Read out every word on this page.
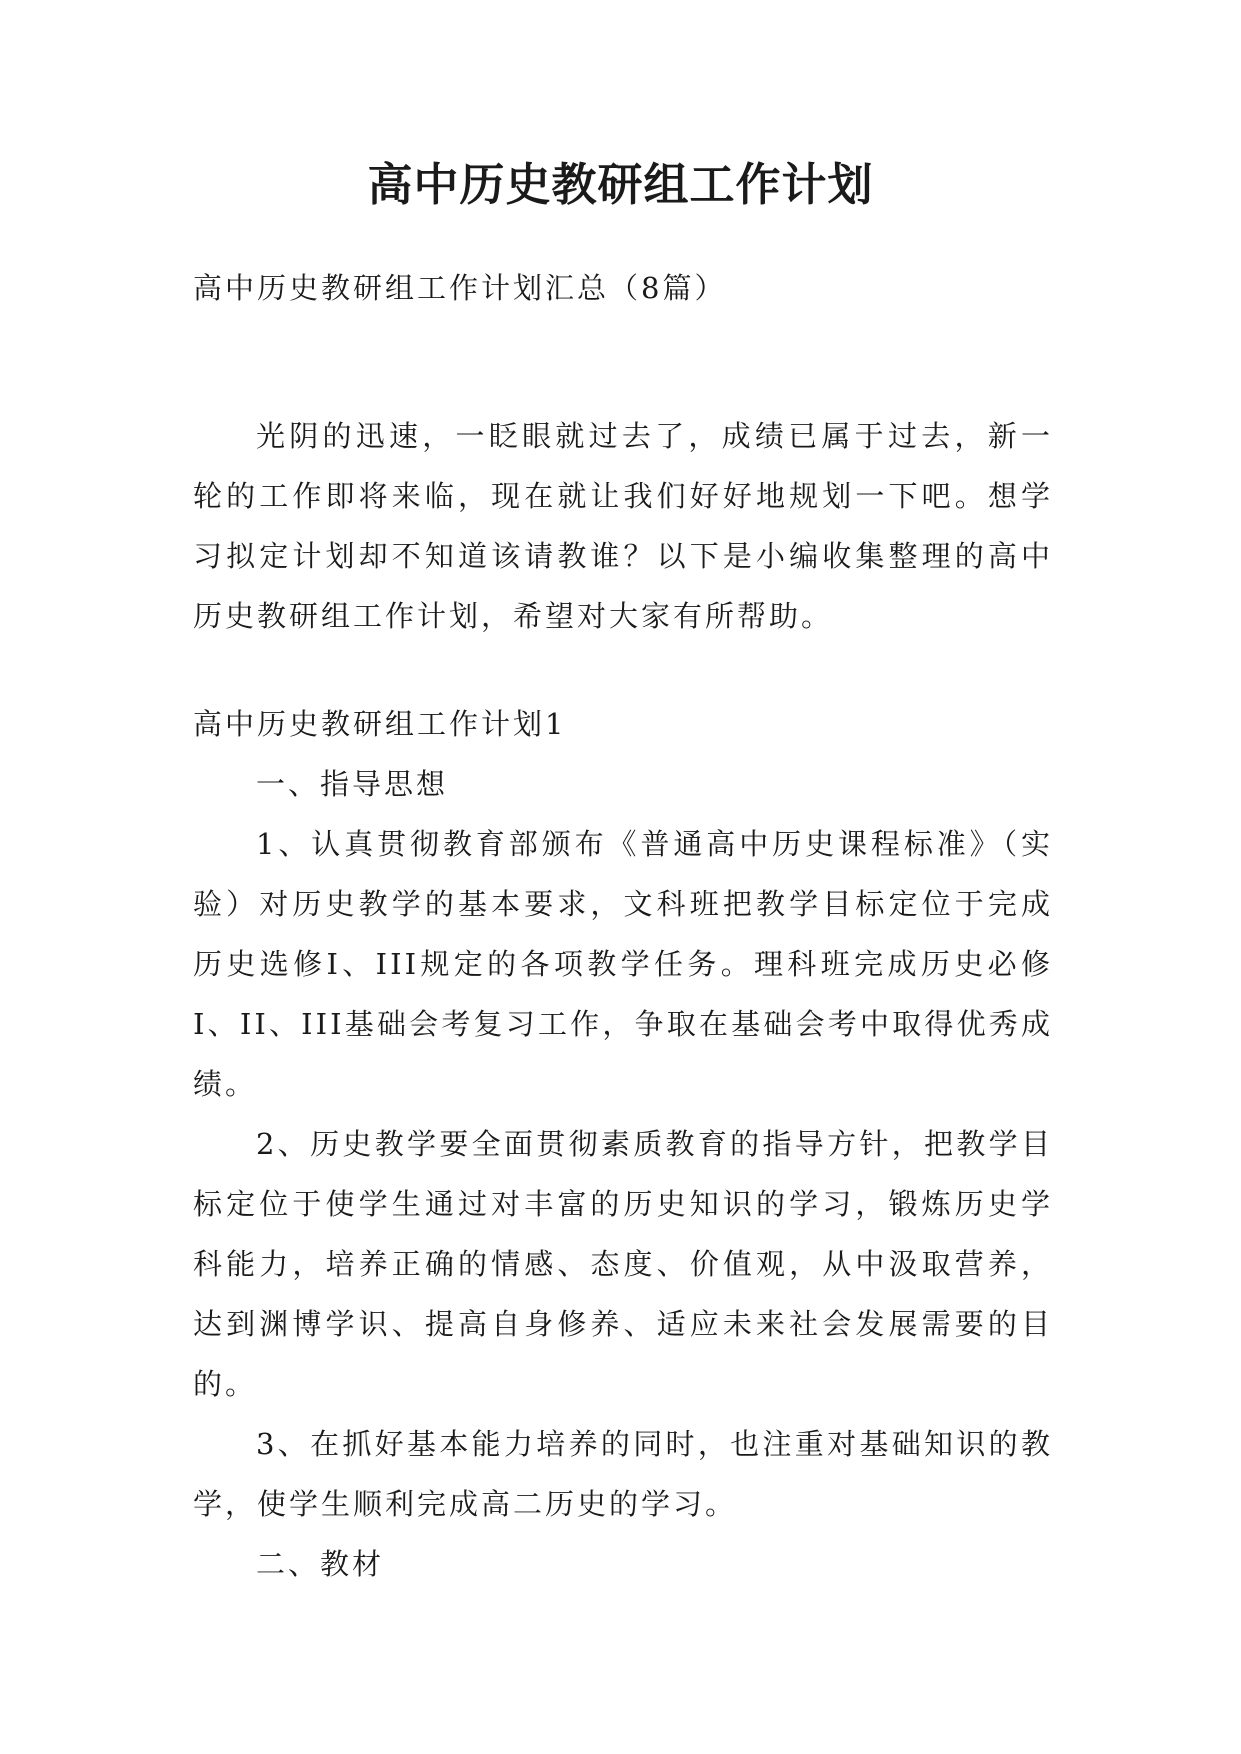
高中历史教研组工作计划

高中历史教研组工作计划汇总（8篇）

光阴的迅速，一眨眼就过去了，成绩已属于过去，新一轮的工作即将来临，现在就让我们好好地规划一下吧。想学习拟定计划却不知道该请教谁？以下是小编收集整理的高中历史教研组工作计划，希望对大家有所帮助。

高中历史教研组工作计划1

一、指导思想

1、认真贯彻教育部颁布《普通高中历史课程标准》（实验）对历史教学的基本要求，文科班把教学目标定位于完成历史选修I、III规定的各项教学任务。理科班完成历史必修I、II、III基础会考复习工作，争取在基础会考中取得优秀成绩。

2、历史教学要全面贯彻素质教育的指导方针，把教学目标定位于使学生通过对丰富的历史知识的学习，锻炼历史学科能力，培养正确的情感、态度、价值观，从中汲取营养，达到渊博学识、提高自身修养、适应未来社会发展需要的目的。

3、在抓好基本能力培养的同时，也注重对基础知识的教学，使学生顺利完成高二历史的学习。

二、教材
